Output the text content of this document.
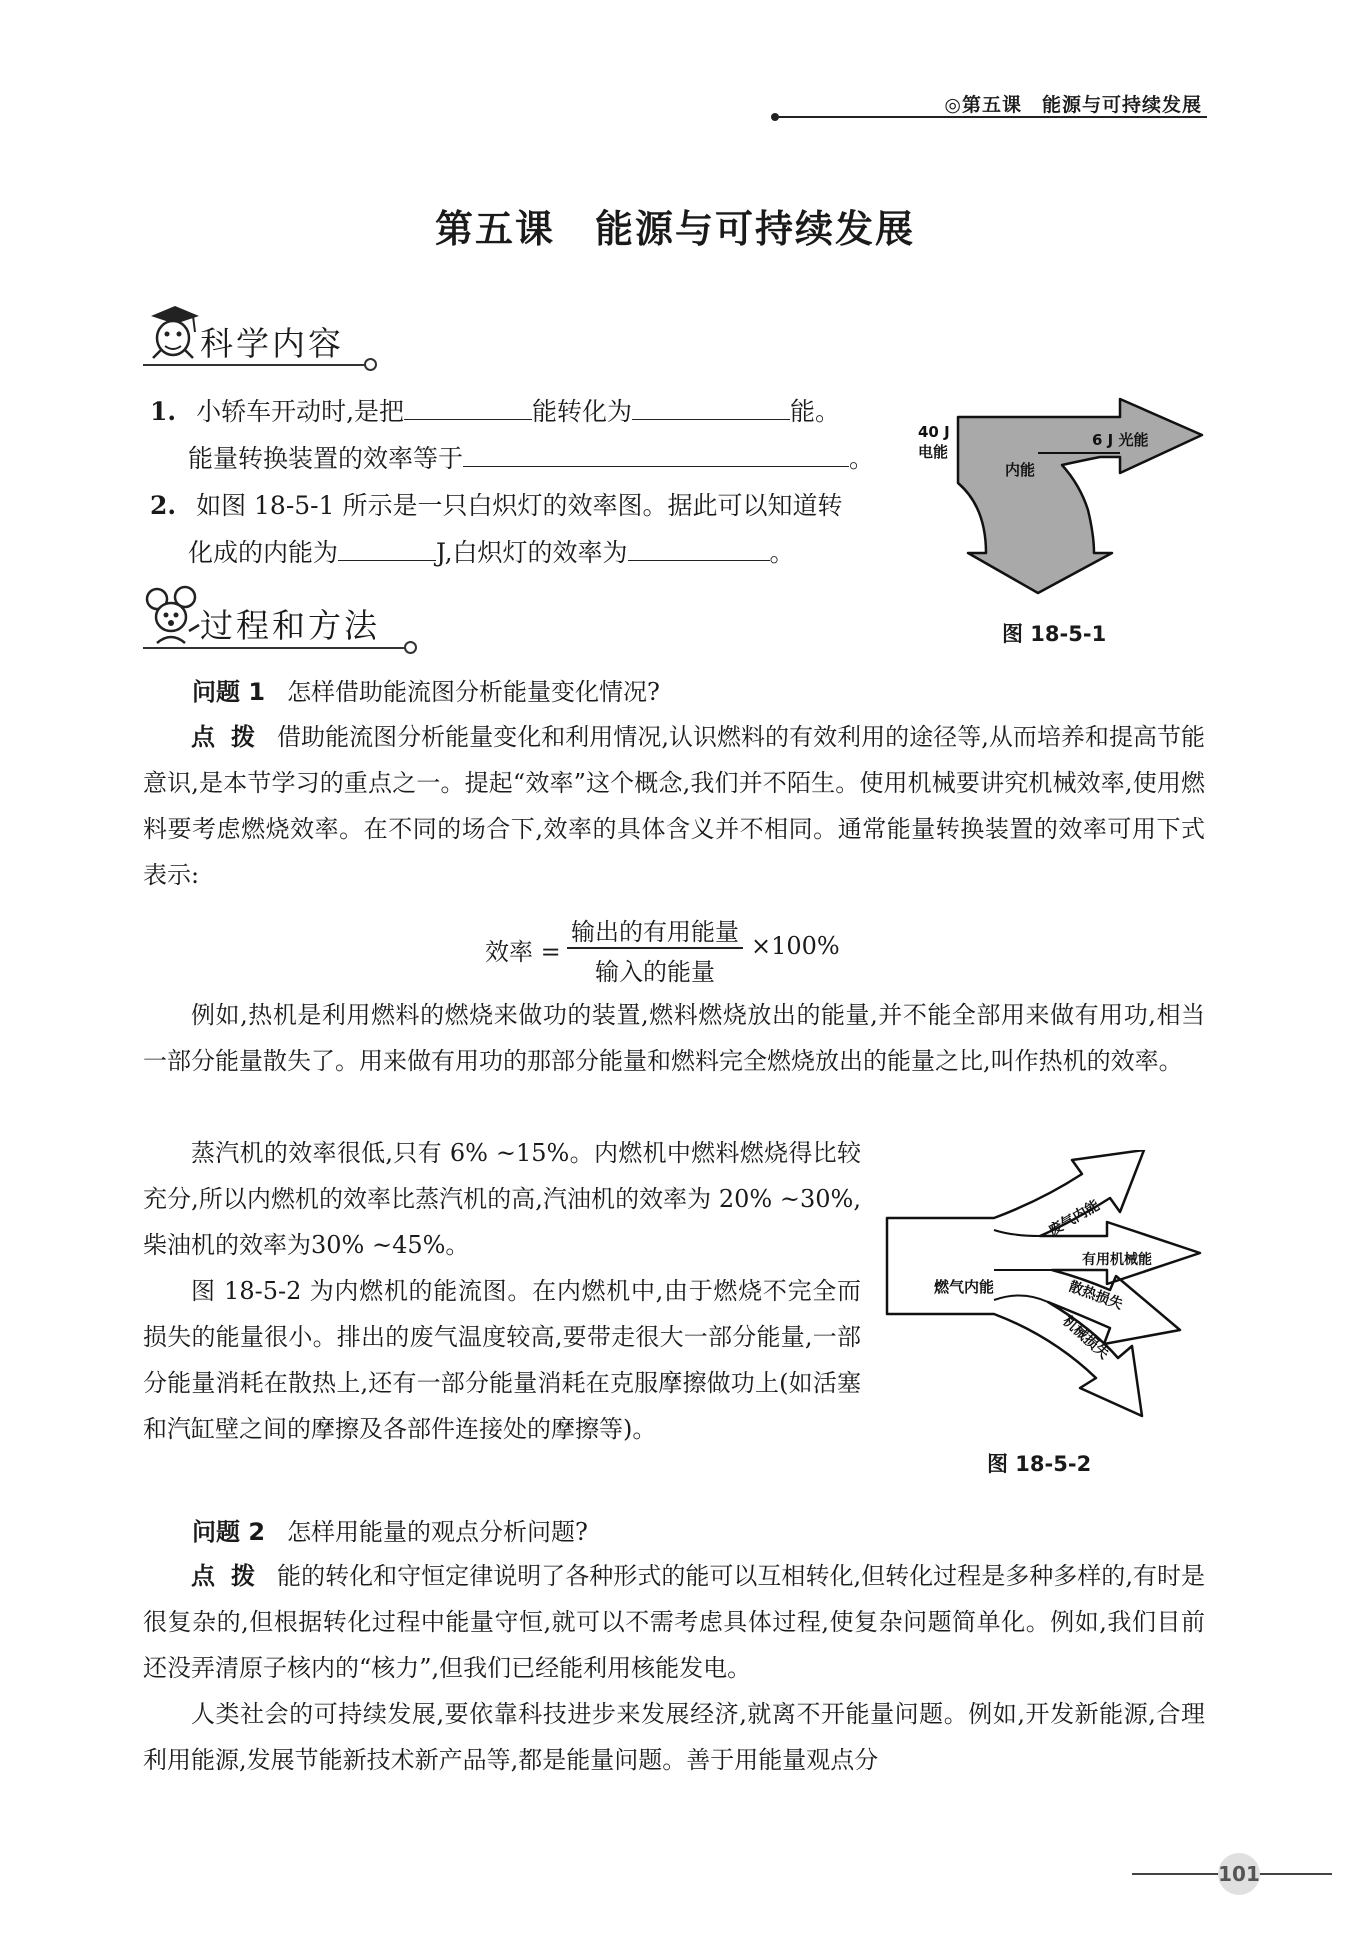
◎第五课　能源与可持续发展
第五课　能源与可持续发展
科学内容
1. 小轿车开动时,是把	能转化为	能。
能量转换装置的效率等于	。
2. 如图 18-5-1 所示是一只白炽灯的效率图。据此可以知道转
化成的内能为	J,白炽灯的效率为	。
40 J
电能
6 J 光能
内能
图 18-5-1
过程和方法
问题 1 怎样借助能流图分析能量变化情况?

点拨 借助能流图分析能量变化和利用情况,认识燃料的有效利用的途径等,从而培养和提高节能意识,是本节学习的重点之一。提起“效率”这个概念,我们并不陌生。使用机械要讲究机械效率,使用燃料要考虑燃烧效率。在不同的场合下,效率的具体含义并不相同。通常能量转换装置的效率可用下式表示:

效率 =
输出的有用能量
输入的能量
×100%

例如,热机是利用燃料的燃烧来做功的装置,燃料燃烧放出的能量,并不能全部用来做有用功,相当一部分能量散失了。用来做有用功的那部分能量和燃料完全燃烧放出的能量之比,叫作热机的效率。

蒸汽机的效率很低,只有 6% ~15%。内燃机中燃料燃烧得比较充分,所以内燃机的效率比蒸汽机的高,汽油机的效率为 20% ~30%,柴油机的效率为30% ~45%。

图 18-5-2 为内燃机的能流图。在内燃机中,由于燃烧不完全而损失的能量很小。排出的废气温度较高,要带走很大一部分能量,一部分能量消耗在散热上,还有一部分能量消耗在克服摩擦做功上(如活塞和汽缸壁之间的摩擦及各部件连接处的摩擦等)。

燃气内能
废气内能
有用机械能
散热损失
机械损失
图 18-5-2
问题 2 怎样用能量的观点分析问题?

点拨 能的转化和守恒定律说明了各种形式的能可以互相转化,但转化过程是多种多样的,有时是很复杂的,但根据转化过程中能量守恒,就可以不需考虑具体过程,使复杂问题简单化。例如,我们目前还没弄清原子核内的“核力”,但我们已经能利用核能发电。

人类社会的可持续发展,要依靠科技进步来发展经济,就离不开能量问题。例如,开发新能源,合理利用能源,发展节能新技术新产品等,都是能量问题。善于用能量观点分

101
